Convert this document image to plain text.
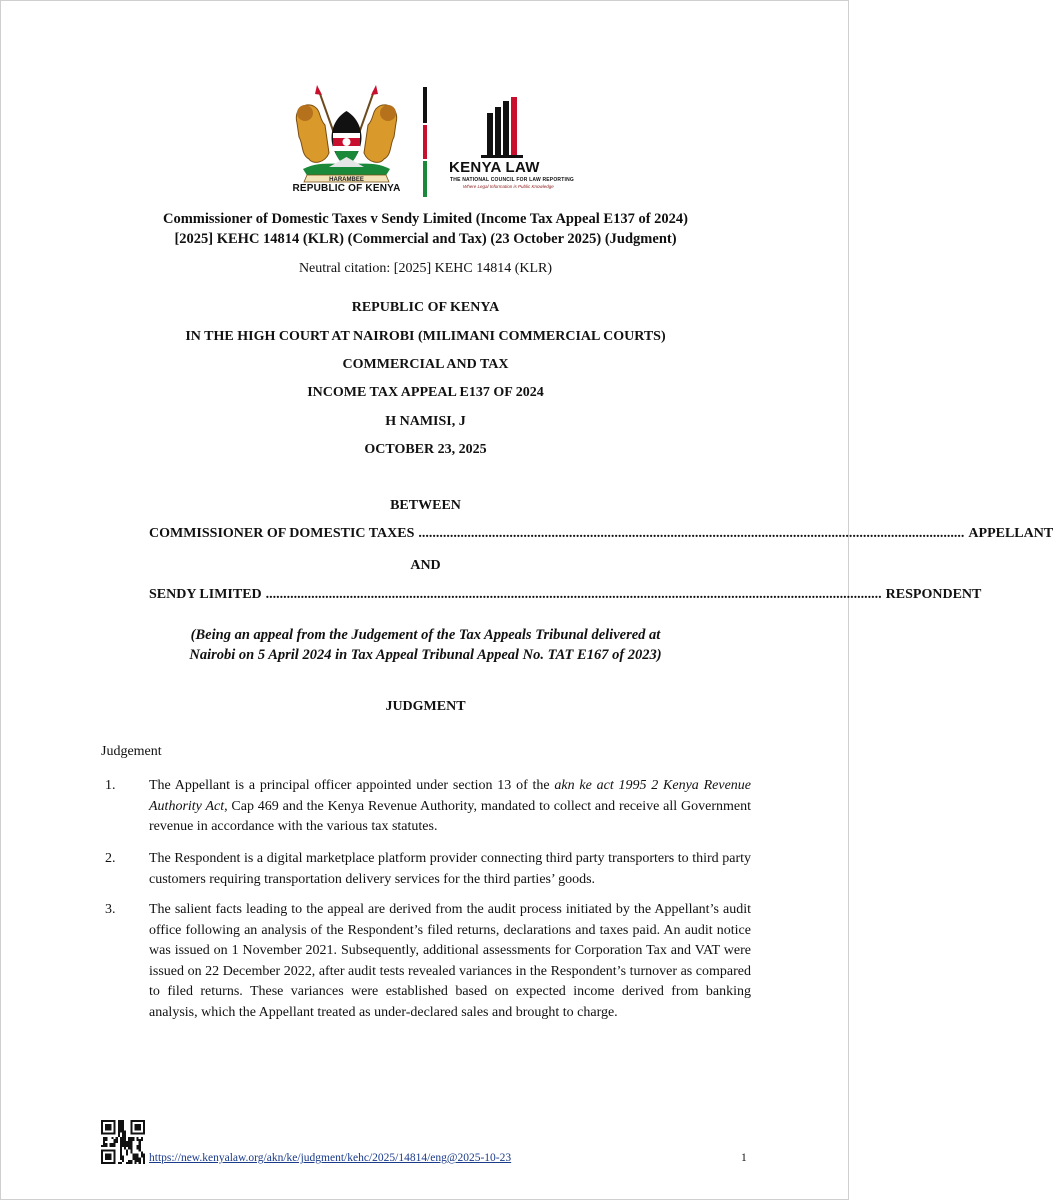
HARAMBEE
REPUBLIC OF KENYA
KENYA LAW
THE NATIONAL COUNCIL FOR LAW REPORTING
Where Legal Information is Public Knowledge
Commissioner of Domestic Taxes v Sendy Limited (Income Tax Appeal E137 of 2024)
[2025] KEHC 14814 (KLR) (Commercial and Tax) (23 October 2025) (Judgment)
Neutral citation: [2025] KEHC 14814 (KLR)
REPUBLIC OF KENYA
IN THE HIGH COURT AT NAIROBI (MILIMANI COMMERCIAL COURTS)
COMMERCIAL AND TAX
INCOME TAX APPEAL E137 OF 2024
H NAMISI, J
OCTOBER 23, 2025
BETWEEN
COMMISSIONER OF DOMESTIC TAXES ............................................................................................................................................................ APPELLANT
AND
SENDY LIMITED ................................................................................................................................................................................ RESPONDENT
(Being an appeal from the Judgement of the Tax Appeals Tribunal delivered at
Nairobi on 5 April 2024 in Tax Appeal Tribunal Appeal No. TAT E167 of 2023)
JUDGMENT
Judgement
1. The Appellant is a principal officer appointed under section 13 of the akn ke act 1995 2 Kenya Revenue Authority Act, Cap 469 and the Kenya Revenue Authority, mandated to collect and receive all Government revenue in accordance with the various tax statutes.
2. The Respondent is a digital marketplace platform provider connecting third party transporters to third party customers requiring transportation delivery services for the third parties’ goods.
3. The salient facts leading to the appeal are derived from the audit process initiated by the Appellant’s audit office following an analysis of the Respondent’s filed returns, declarations and taxes paid. An audit notice was issued on 1 November 2021. Subsequently, additional assessments for Corporation Tax and VAT were issued on 22 December 2022, after audit tests revealed variances in the Respondent’s turnover as compared to filed returns. These variances were established based on expected income derived from banking analysis, which the Appellant treated as under-declared sales and brought to charge.
https://new.kenyalaw.org/akn/ke/judgment/kehc/2025/14814/eng@2025-10-23	1
